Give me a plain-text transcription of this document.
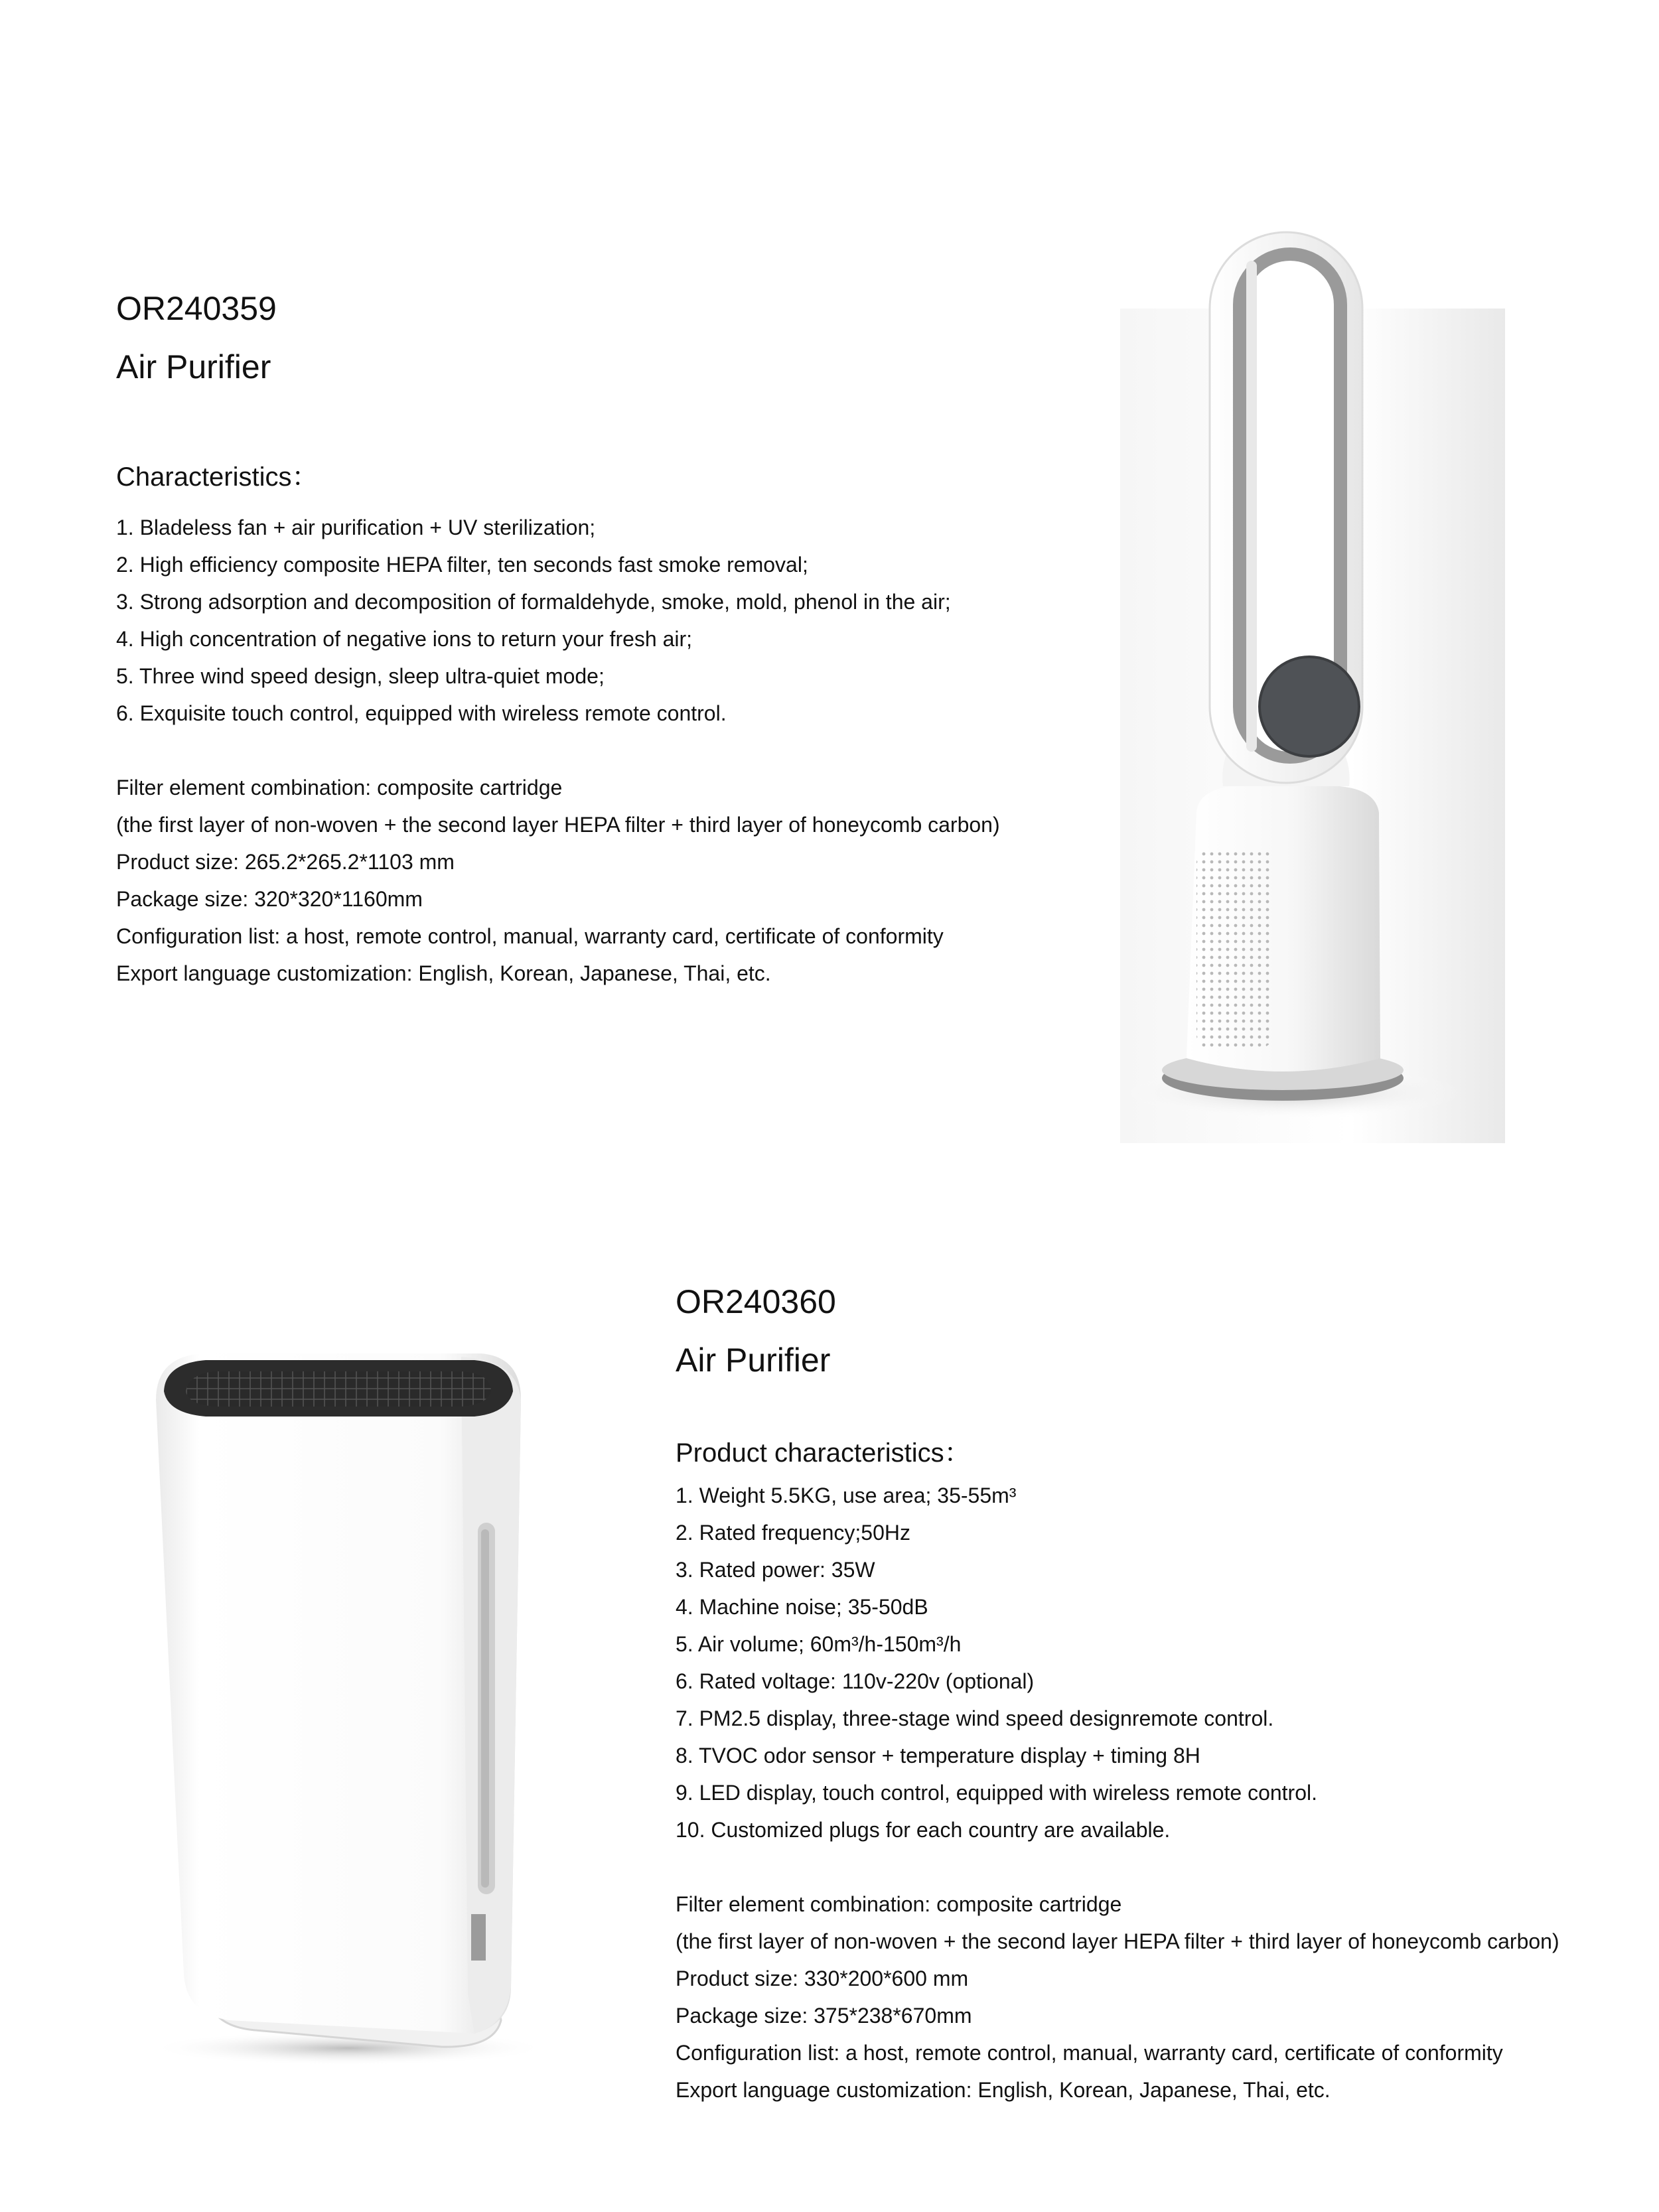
OR240359
Air Purifier
Characteristics：
1. Bladeless fan + air purification + UV sterilization;
2. High efficiency composite HEPA filter, ten seconds fast smoke removal;
3. Strong adsorption and decomposition of formaldehyde, smoke, mold, phenol in the air;
4. High concentration of negative ions to return your fresh air;
5. Three wind speed design, sleep ultra-quiet mode;
6. Exquisite touch control, equipped with wireless remote control.
Filter element combination: composite cartridge
(the first layer of non-woven + the second layer HEPA filter + third layer of honeycomb carbon)
Product size: 265.2*265.2*1103 mm
Package size: 320*320*1160mm
Configuration list: a host, remote control, manual, warranty card, certificate of conformity
Export language customization: English, Korean, Japanese, Thai, etc.
OR240360
Air Purifier
Product characteristics：
1. Weight 5.5KG, use area; 35-55m³
2. Rated frequency;50Hz
3. Rated power: 35W
4. Machine noise; 35-50dB
5. Air volume; 60m³/h-150m³/h
6. Rated voltage: 110v-220v (optional)
7. PM2.5 display, three-stage wind speed designremote control.
8. TVOC odor sensor + temperature display + timing 8H
9. LED display, touch control, equipped with wireless remote control.
10. Customized plugs for each country are available.
Filter element combination: composite cartridge
(the first layer of non-woven + the second layer HEPA filter + third layer of honeycomb carbon)
Product size: 330*200*600 mm
Package size: 375*238*670mm
Configuration list: a host, remote control, manual, warranty card, certificate of conformity
Export language customization: English, Korean, Japanese, Thai, etc.
